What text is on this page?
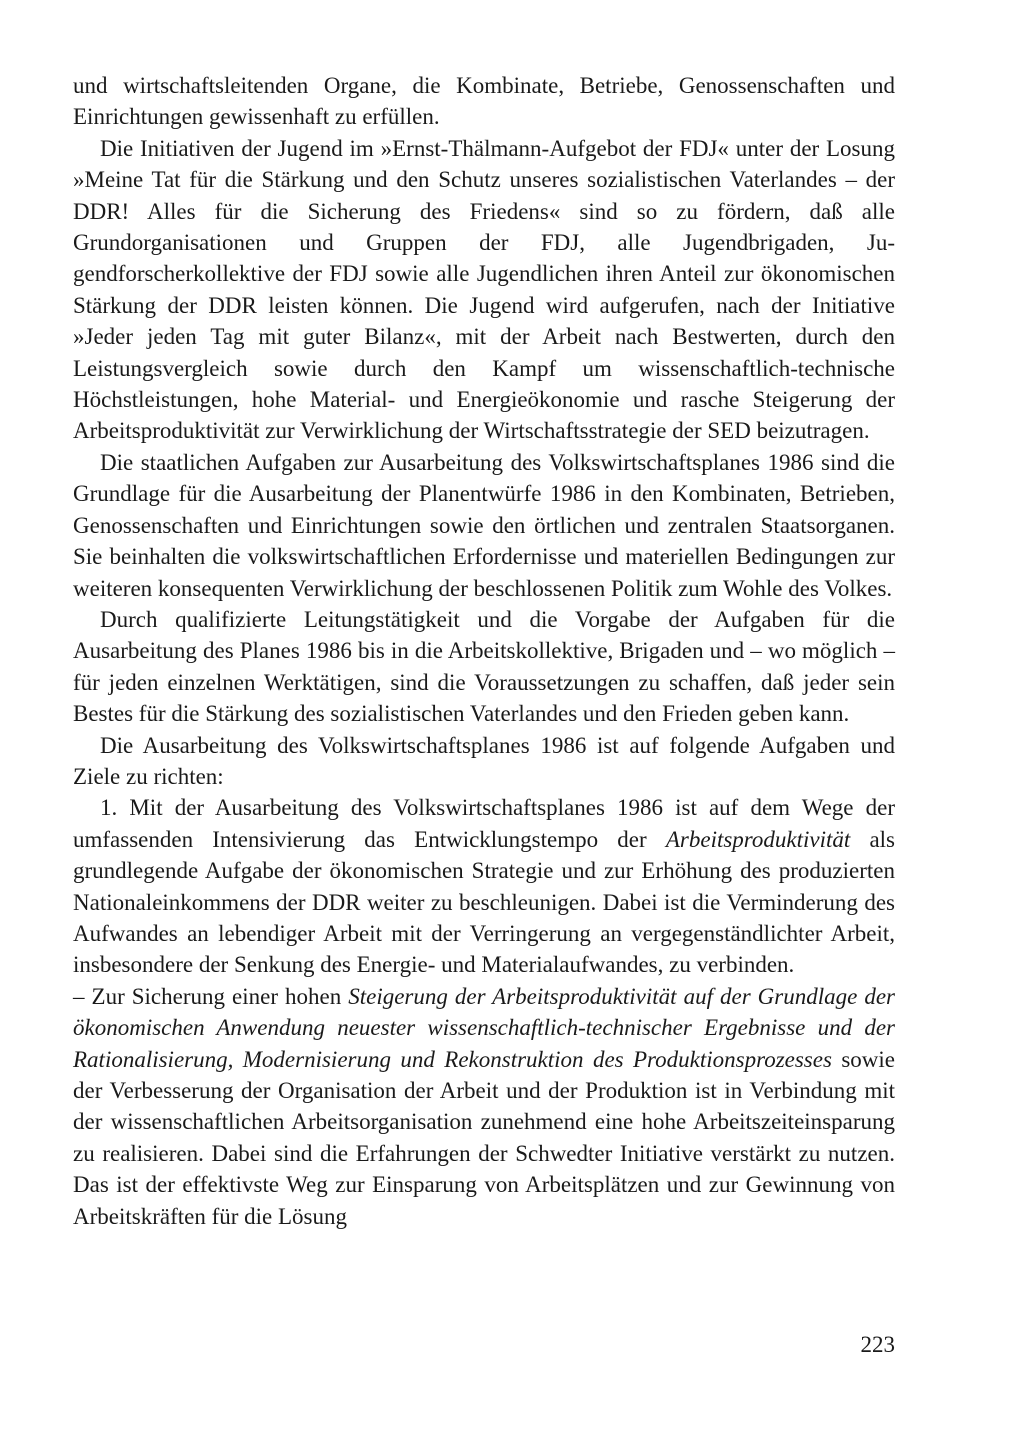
und wirtschaftsleitenden Organe, die Kombinate, Betriebe, Genossenschaften und Einrichtungen gewissenhaft zu erfüllen.

Die Initiativen der Jugend im »Ernst-Thälmann-Aufgebot der FDJ« unter der Losung »Meine Tat für die Stärkung und den Schutz unseres sozialistischen Vaterlandes – der DDR! Alles für die Sicherung des Friedens« sind so zu fördern, daß alle Grundorganisationen und Gruppen der FDJ, alle Jugendbrigaden, Jugendforscherkollektive der FDJ sowie alle Jugendlichen ihren Anteil zur ökonomischen Stärkung der DDR leisten können. Die Jugend wird aufgerufen, nach der Initiative »Jeder jeden Tag mit guter Bilanz«, mit der Arbeit nach Bestwerten, durch den Leistungsvergleich sowie durch den Kampf um wissenschaftlich-technische Höchstleistungen, hohe Material- und Energieökonomie und rasche Steigerung der Arbeitsproduktivität zur Verwirklichung der Wirtschaftsstrategie der SED beizutragen.

Die staatlichen Aufgaben zur Ausarbeitung des Volkswirtschaftsplanes 1986 sind die Grundlage für die Ausarbeitung der Planentwürfe 1986 in den Kombinaten, Betrieben, Genossenschaften und Einrichtungen sowie den örtlichen und zentralen Staatsorganen. Sie beinhalten die volkswirtschaftlichen Erfordernisse und materiellen Bedingungen zur weiteren konsequenten Verwirklichung der beschlossenen Politik zum Wohle des Volkes.

Durch qualifizierte Leitungstätigkeit und die Vorgabe der Aufgaben für die Ausarbeitung des Planes 1986 bis in die Arbeitskollektive, Brigaden und – wo möglich – für jeden einzelnen Werktätigen, sind die Voraussetzungen zu schaffen, daß jeder sein Bestes für die Stärkung des sozialistischen Vaterlandes und den Frieden geben kann.

Die Ausarbeitung des Volkswirtschaftsplanes 1986 ist auf folgende Aufgaben und Ziele zu richten:

1. Mit der Ausarbeitung des Volkswirtschaftsplanes 1986 ist auf dem Wege der umfassenden Intensivierung das Entwicklungstempo der Arbeitsproduktivität als grundlegende Aufgabe der ökonomischen Strategie und zur Erhöhung des produzierten Nationaleinkommens der DDR weiter zu beschleunigen. Dabei ist die Verminderung des Aufwandes an lebendiger Arbeit mit der Verringerung an vergegenständlichter Arbeit, insbesondere der Senkung des Energie- und Materialaufwandes, zu verbinden.

– Zur Sicherung einer hohen Steigerung der Arbeitsproduktivität auf der Grundlage der ökonomischen Anwendung neuester wissenschaftlich-technischer Ergebnisse und der Rationalisierung, Modernisierung und Rekonstruktion des Produktionsprozesses sowie der Verbesserung der Organisation der Arbeit und der Produktion ist in Verbindung mit der wissenschaftlichen Arbeitsorganisation zunehmend eine hohe Arbeitszeiteinsparung zu realisieren. Dabei sind die Erfahrungen der Schwedter Initiative verstärkt zu nutzen. Das ist der effektivste Weg zur Einsparung von Arbeitsplätzen und zur Gewinnung von Arbeitskräften für die Lösung

223
